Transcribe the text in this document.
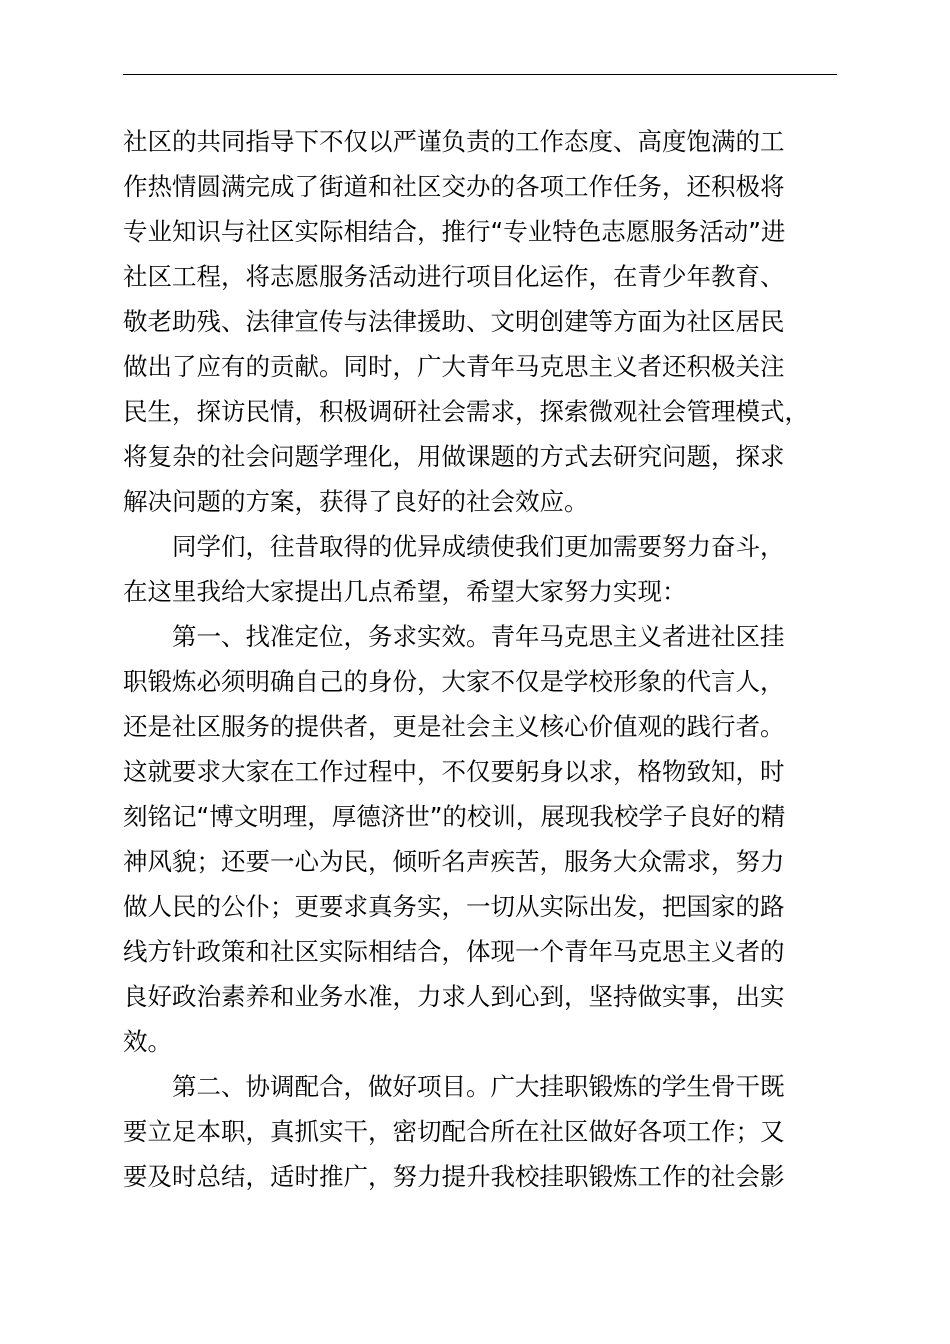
社区的共同指导下不仅以严谨负责的工作态度、高度饱满的工
作热情圆满完成了街道和社区交办的各项工作任务，还积极将
专业知识与社区实际相结合，推行“专业特色志愿服务活动”进
社区工程，将志愿服务活动进行项目化运作，在青少年教育、
敬老助残、法律宣传与法律援助、文明创建等方面为社区居民
做出了应有的贡献。同时，广大青年马克思主义者还积极关注
民生，探访民情，积极调研社会需求，探索微观社会管理模式，
将复杂的社会问题学理化，用做课题的方式去研究问题，探求
解决问题的方案，获得了良好的社会效应。
　　同学们，往昔取得的优异成绩使我们更加需要努力奋斗，
在这里我给大家提出几点希望，希望大家努力实现：
　　第一、找准定位，务求实效。青年马克思主义者进社区挂
职锻炼必须明确自己的身份，大家不仅是学校形象的代言人，
还是社区服务的提供者，更是社会主义核心价值观的践行者。
这就要求大家在工作过程中，不仅要躬身以求，格物致知，时
刻铭记“博文明理，厚德济世”的校训，展现我校学子良好的精
神风貌；还要一心为民，倾听名声疾苦，服务大众需求，努力
做人民的公仆；更要求真务实，一切从实际出发，把国家的路
线方针政策和社区实际相结合，体现一个青年马克思主义者的
良好政治素养和业务水准，力求人到心到，坚持做实事，出实
效。
　　第二、协调配合，做好项目。广大挂职锻炼的学生骨干既
要立足本职，真抓实干，密切配合所在社区做好各项工作；又
要及时总结，适时推广，努力提升我校挂职锻炼工作的社会影
